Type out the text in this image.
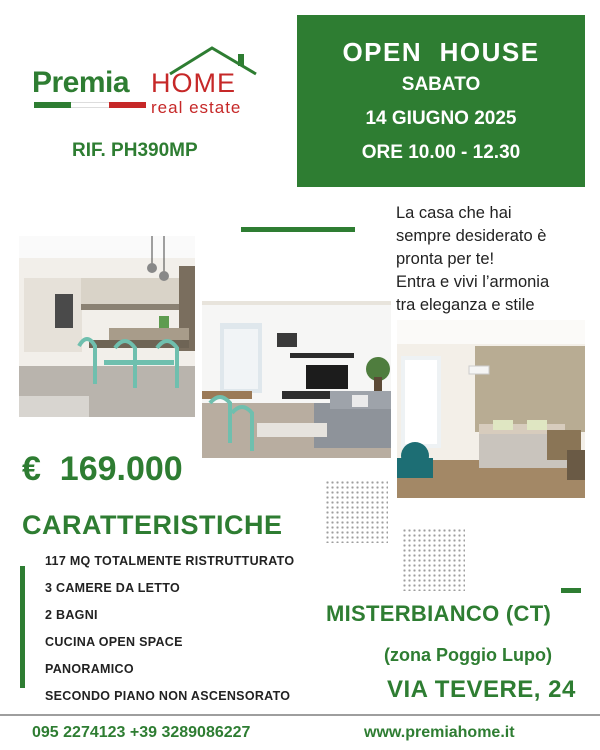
Premia HOME
real estate
RIF. PH390MP
OPEN  HOUSE
SABATO
14 GIUGNO 2025
ORE 10.00 - 12.30
La casa che hai
sempre desiderato è
pronta per te!
Entra e vivi l’armonia
tra eleganza e stile
€  169.000
CARATTERISTICHE
117 MQ TOTALMENTE RISTRUTTURATO
3 CAMERE DA LETTO
2 BAGNI
CUCINA OPEN SPACE
PANORAMICO
SECONDO PIANO NON ASCENSORATO
MISTERBIANCO (CT)
(zona Poggio Lupo)
VIA TEVERE, 24
095 2274123 +39 3289086227	www.premiahome.it
